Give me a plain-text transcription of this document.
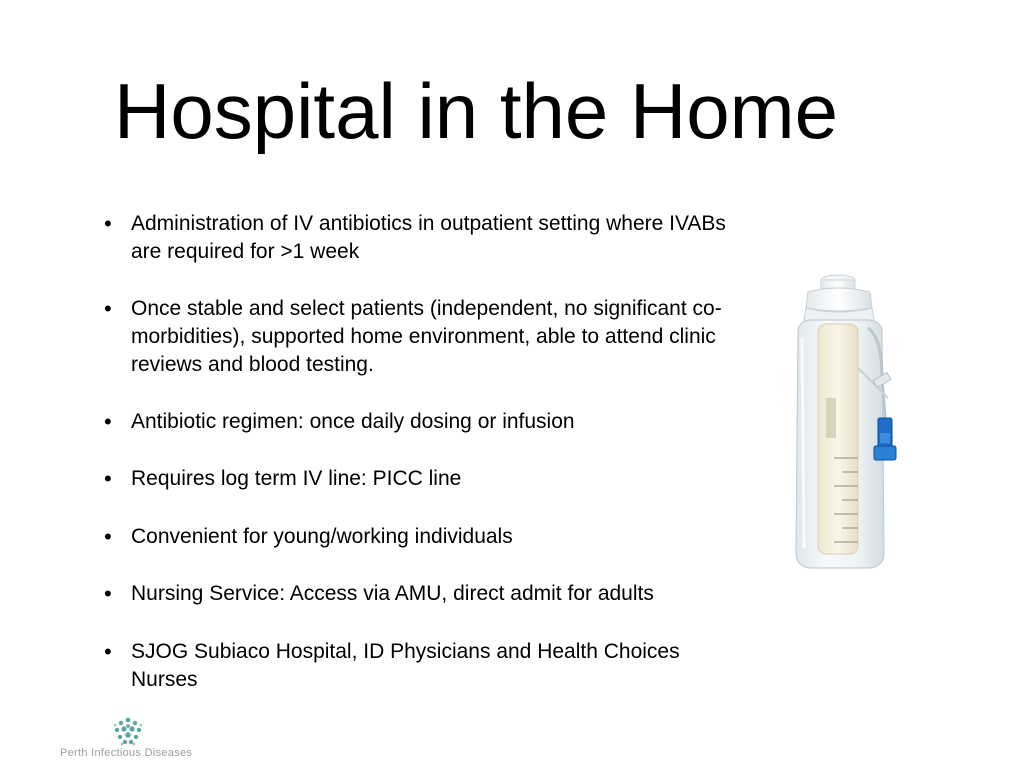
Hospital in the Home
• Administration of IV antibiotics in outpatient setting where IVABs are required for >1 week
• Once stable and select patients (independent, no significant co-morbidities), supported home environment, able to attend clinic reviews and blood testing.
• Antibiotic regimen: once daily dosing or infusion
• Requires log term IV line: PICC line
• Convenient for young/working individuals
• Nursing Service: Access via AMU, direct admit for adults
• SJOG Subiaco Hospital, ID Physicians and Health Choices Nurses
Perth Infectious Diseases
